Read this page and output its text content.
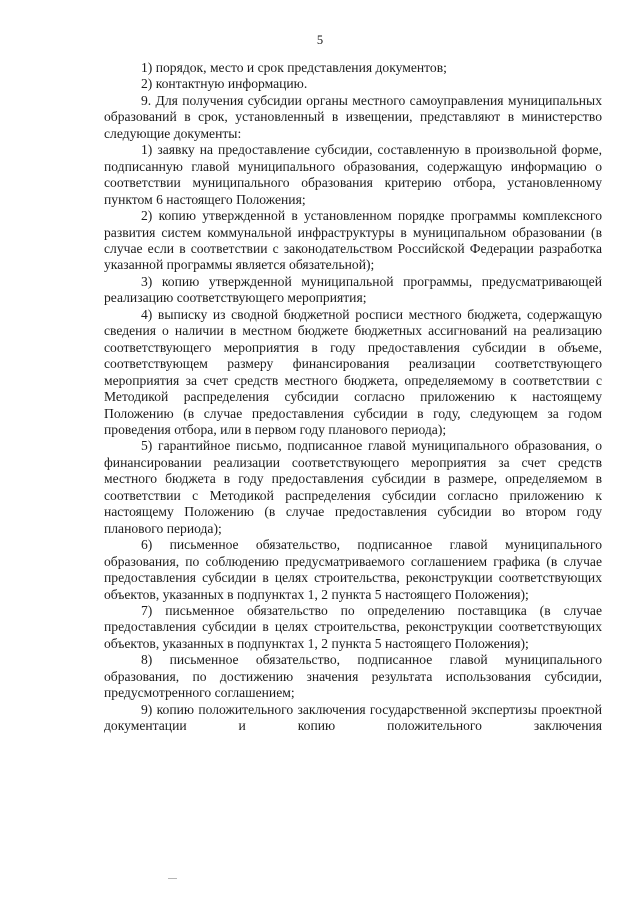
5

1) порядок, место и срок представления документов;

2) контактную информацию.

9. Для получения субсидии органы местного самоуправления муниципальных образований в срок, установленный в извещении, представляют в министерство следующие документы:

1) заявку на предоставление субсидии, составленную в произвольной форме, подписанную главой муниципального образования, содержащую информацию о соответствии муниципального образования критерию отбора, установленному пунктом 6 настоящего Положения;

2) копию утвержденной в установленном порядке программы комплексного развития систем коммунальной инфраструктуры в муниципальном образовании (в случае если в соответствии с законодательством Российской Федерации разработка указанной программы является обязательной);

3) копию утвержденной муниципальной программы, предусматривающей реализацию соответствующего мероприятия;

4) выписку из сводной бюджетной росписи местного бюджета, содержащую сведения о наличии в местном бюджете бюджетных ассигнований на реализацию соответствующего мероприятия в году предоставления субсидии в объеме, соответствующем размеру финансирования реализации соответствующего мероприятия за счет средств местного бюджета, определяемому в соответствии с Методикой распределения субсидии согласно приложению к настоящему Положению (в случае предоставления субсидии в году, следующем за годом проведения отбора, или в первом году планового периода);

5) гарантийное письмо, подписанное главой муниципального образования, о финансировании реализации соответствующего мероприятия за счет средств местного бюджета в году предоставления субсидии в размере, определяемом в соответствии с Методикой распределения субсидии согласно приложению к настоящему Положению (в случае предоставления субсидии во втором году планового периода);

6) письменное обязательство, подписанное главой муниципального образования, по соблюдению предусматриваемого соглашением графика (в случае предоставления субсидии в целях строительства, реконструкции соответствующих объектов, указанных в подпунктах 1, 2 пункта 5 настоящего Положения);

7) письменное обязательство по определению поставщика (в случае предоставления субсидии в целях строительства, реконструкции соответствующих объектов, указанных в подпунктах 1, 2 пункта 5 настоящего Положения);

8) письменное обязательство, подписанное главой муниципального образования, по достижению значения результата использования субсидии, предусмотренного соглашением;

9) копию положительного заключения государственной экспертизы проектной документации и копию положительного заключения
